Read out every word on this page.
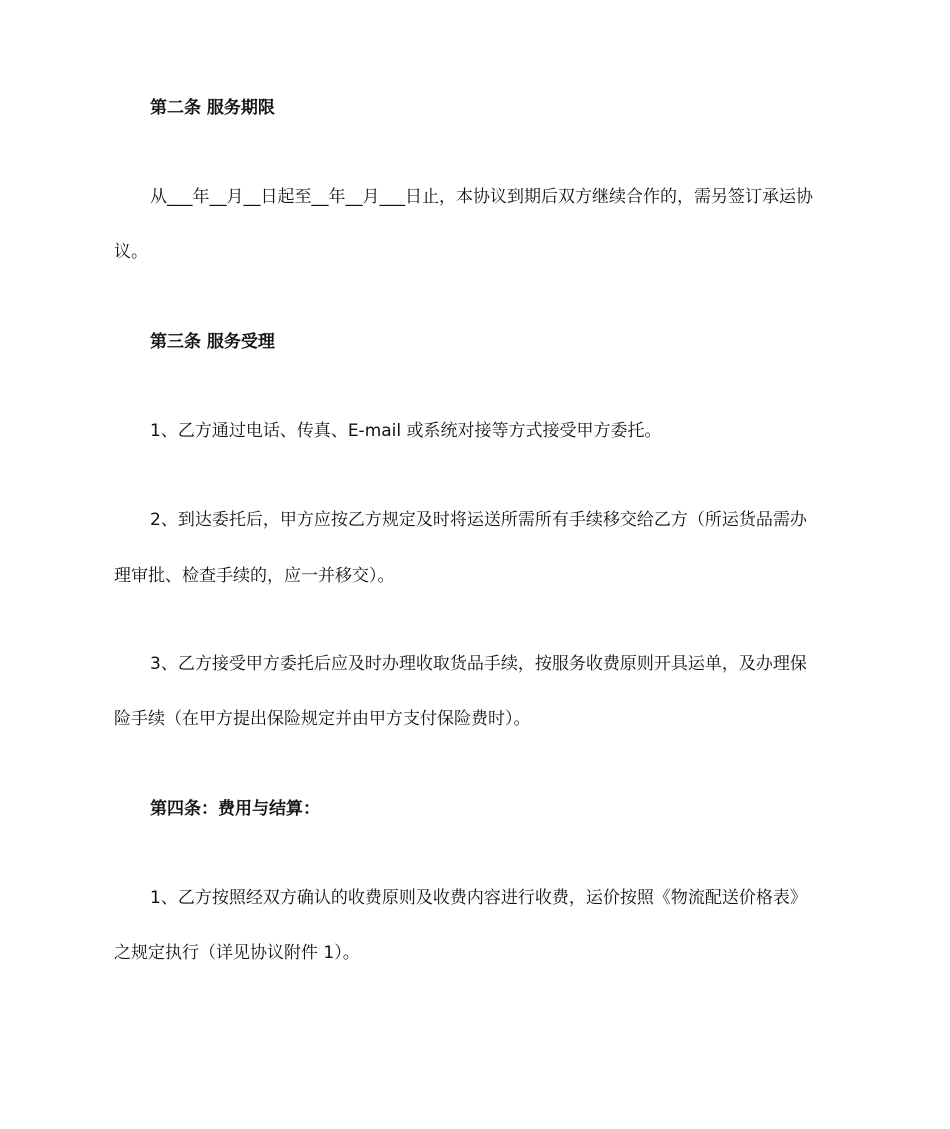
第二条 服务期限
从___年__月__日起至__年__月___日止，本协议到期后双方继续合作的，需另签订承运协
议。
第三条 服务受理
1、乙方通过电话、传真、E-mail 或系统对接等方式接受甲方委托。
2、到达委托后，甲方应按乙方规定及时将运送所需所有手续移交给乙方（所运货品需办
理审批、检查手续的，应一并移交）。
3、乙方接受甲方委托后应及时办理收取货品手续，按服务收费原则开具运单，及办理保
险手续（在甲方提出保险规定并由甲方支付保险费时）。
第四条：费用与结算：
1、乙方按照经双方确认的收费原则及收费内容进行收费，运价按照《物流配送价格表》
之规定执行（详见协议附件 1）。
